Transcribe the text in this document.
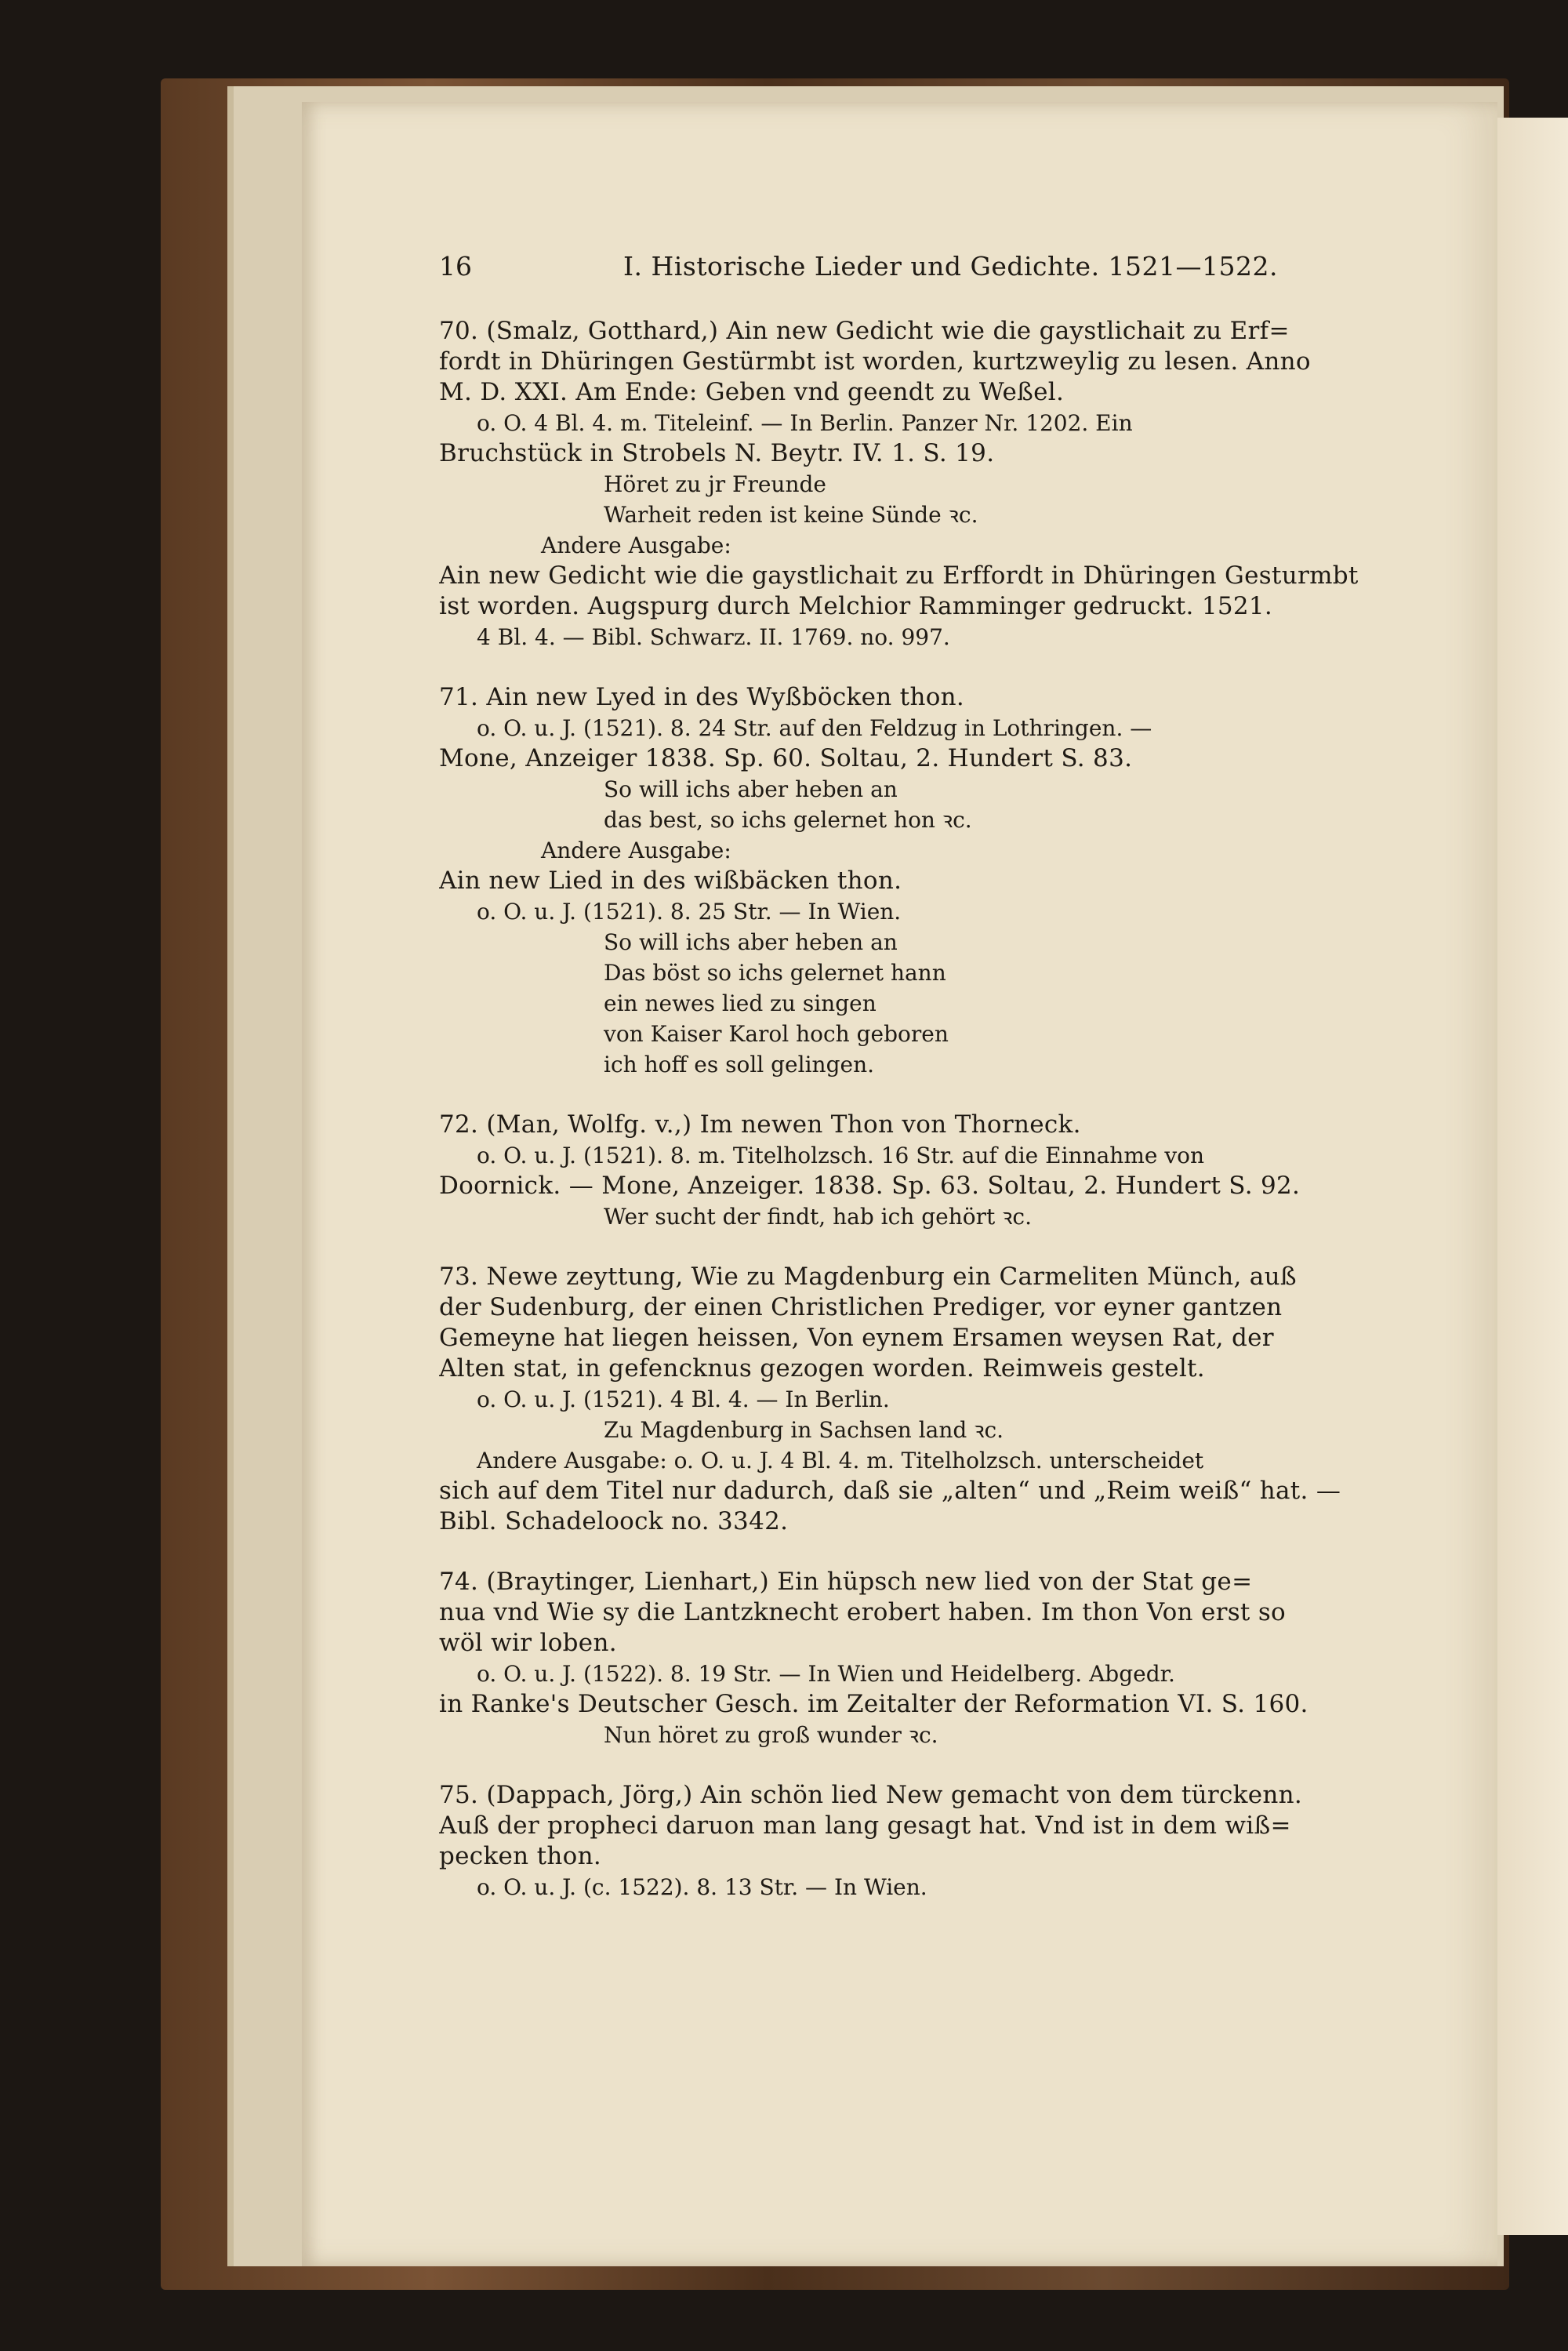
16	I. Historische Lieder und Gedichte. 1521—1522.
70. (Smalz, Gotthard,) Ain new Gedicht wie die gaystlichait zu Erf=
fordt in Dhüringen Gestürmbt ist worden, kurtzweylig zu lesen. Anno
M. D. XXI. Am Ende: Geben vnd geendt zu Weßel.
o. O. 4 Bl. 4. m. Titeleinf. — In Berlin. Panzer Nr. 1202. Ein
Bruchstück in Strobels N. Beytr. IV. 1. S. 19.
Höret zu jr Freunde
Warheit reden ist keine Sünde ꝛc.
Andere Ausgabe:
Ain new Gedicht wie die gaystlichait zu Erffordt in Dhüringen Gesturmbt
ist worden. Augspurg durch Melchior Ramminger gedruckt. 1521.
4 Bl. 4. — Bibl. Schwarz. II. 1769. no. 997.
71. Ain new Lyed in des Wyßböcken thon.
o. O. u. J. (1521). 8. 24 Str. auf den Feldzug in Lothringen. —
Mone, Anzeiger 1838. Sp. 60. Soltau, 2. Hundert S. 83.
So will ichs aber heben an
das best, so ichs gelernet hon ꝛc.
Andere Ausgabe:
Ain new Lied in des wißbäcken thon.
o. O. u. J. (1521). 8. 25 Str. — In Wien.
So will ichs aber heben an
Das böst so ichs gelernet hann
ein newes lied zu singen
von Kaiser Karol hoch geboren
ich hoff es soll gelingen.
72. (Man, Wolfg. v.,) Im newen Thon von Thorneck.
o. O. u. J. (1521). 8. m. Titelholzsch. 16 Str. auf die Einnahme von
Doornick. — Mone, Anzeiger. 1838. Sp. 63. Soltau, 2. Hundert S. 92.
Wer sucht der findt, hab ich gehört ꝛc.
73. Newe zeyttung, Wie zu Magdenburg ein Carmeliten Münch, auß
der Sudenburg, der einen Christlichen Prediger, vor eyner gantzen
Gemeyne hat liegen heissen, Von eynem Ersamen weysen Rat, der
Alten stat, in gefencknus gezogen worden. Reimweis gestelt.
o. O. u. J. (1521). 4 Bl. 4. — In Berlin.
Zu Magdenburg in Sachsen land ꝛc.
Andere Ausgabe: o. O. u. J. 4 Bl. 4. m. Titelholzsch. unterscheidet
sich auf dem Titel nur dadurch, daß sie „alten“ und „Reim weiß“ hat. —
Bibl. Schadeloock no. 3342.
74. (Braytinger, Lienhart,) Ein hüpsch new lied von der Stat ge=
nua vnd Wie sy die Lantzknecht erobert haben. Im thon Von erst so
wöl wir loben.
o. O. u. J. (1522). 8. 19 Str. — In Wien und Heidelberg. Abgedr.
in Ranke's Deutscher Gesch. im Zeitalter der Reformation VI. S. 160.
Nun höret zu groß wunder ꝛc.
75. (Dappach, Jörg,) Ain schön lied New gemacht von dem türckenn.
Auß der propheci daruon man lang gesagt hat. Vnd ist in dem wiß=
pecken thon.
o. O. u. J. (c. 1522). 8. 13 Str. — In Wien.
